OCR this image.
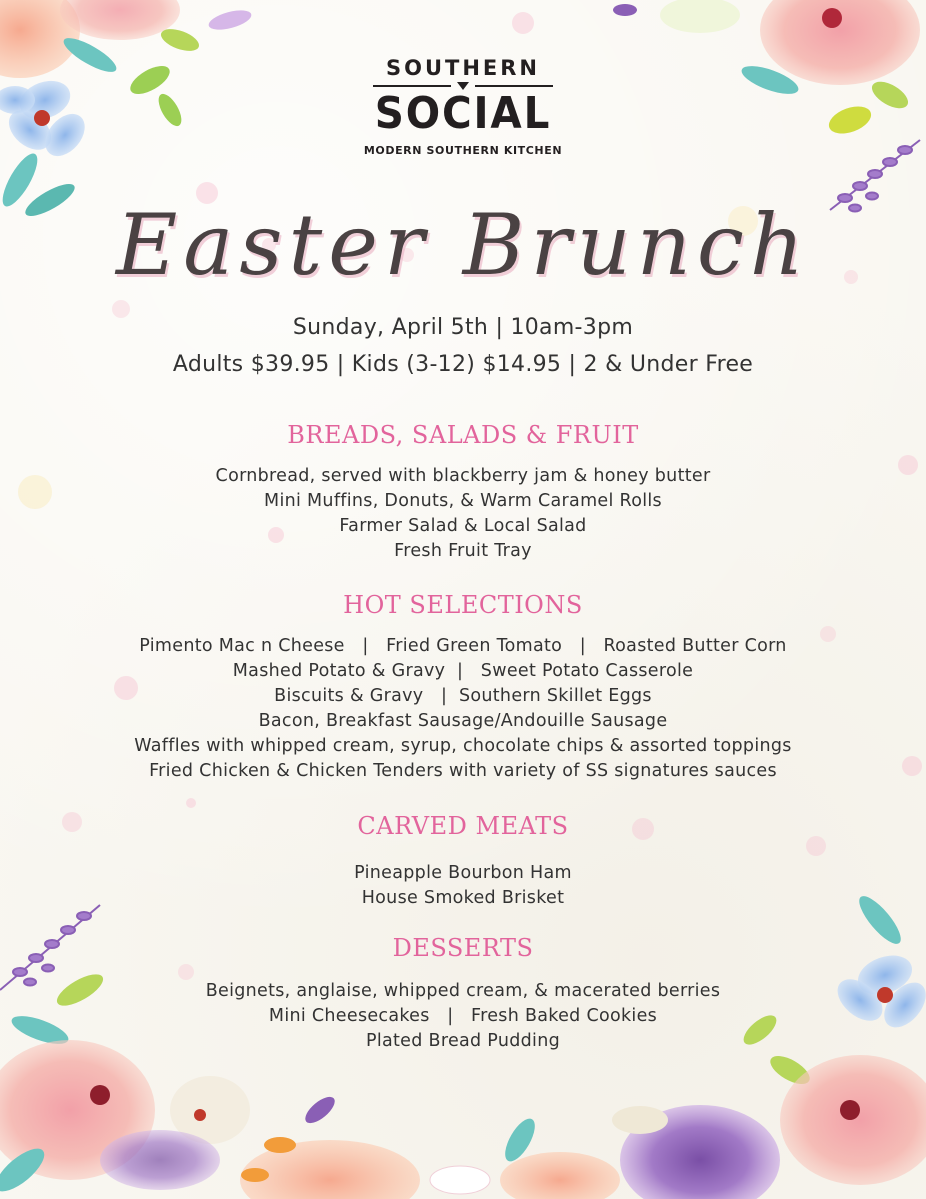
SOUTHERN
SOCIAL
MODERN SOUTHERN KITCHEN
Easter Brunch
Sunday, April 5th | 10am-3pm
Adults $39.95 | Kids (3-12) $14.95 | 2 & Under Free
BREADS, SALADS & FRUIT
Cornbread, served with blackberry jam & honey butter
Mini Muffins, Donuts, & Warm Caramel Rolls
Farmer Salad & Local Salad
Fresh Fruit Tray
HOT SELECTIONS
Pimento Mac n Cheese   |   Fried Green Tomato   |   Roasted Butter Corn
Mashed Potato & Gravy  |   Sweet Potato Casserole
Biscuits & Gravy   |  Southern Skillet Eggs
Bacon, Breakfast Sausage/Andouille Sausage
Waffles with whipped cream, syrup, chocolate chips & assorted toppings
Fried Chicken & Chicken Tenders with variety of SS signatures sauces
CARVED MEATS
Pineapple Bourbon Ham
House Smoked Brisket
DESSERTS
Beignets, anglaise, whipped cream, & macerated berries
Mini Cheesecakes   |   Fresh Baked Cookies
Plated Bread Pudding
